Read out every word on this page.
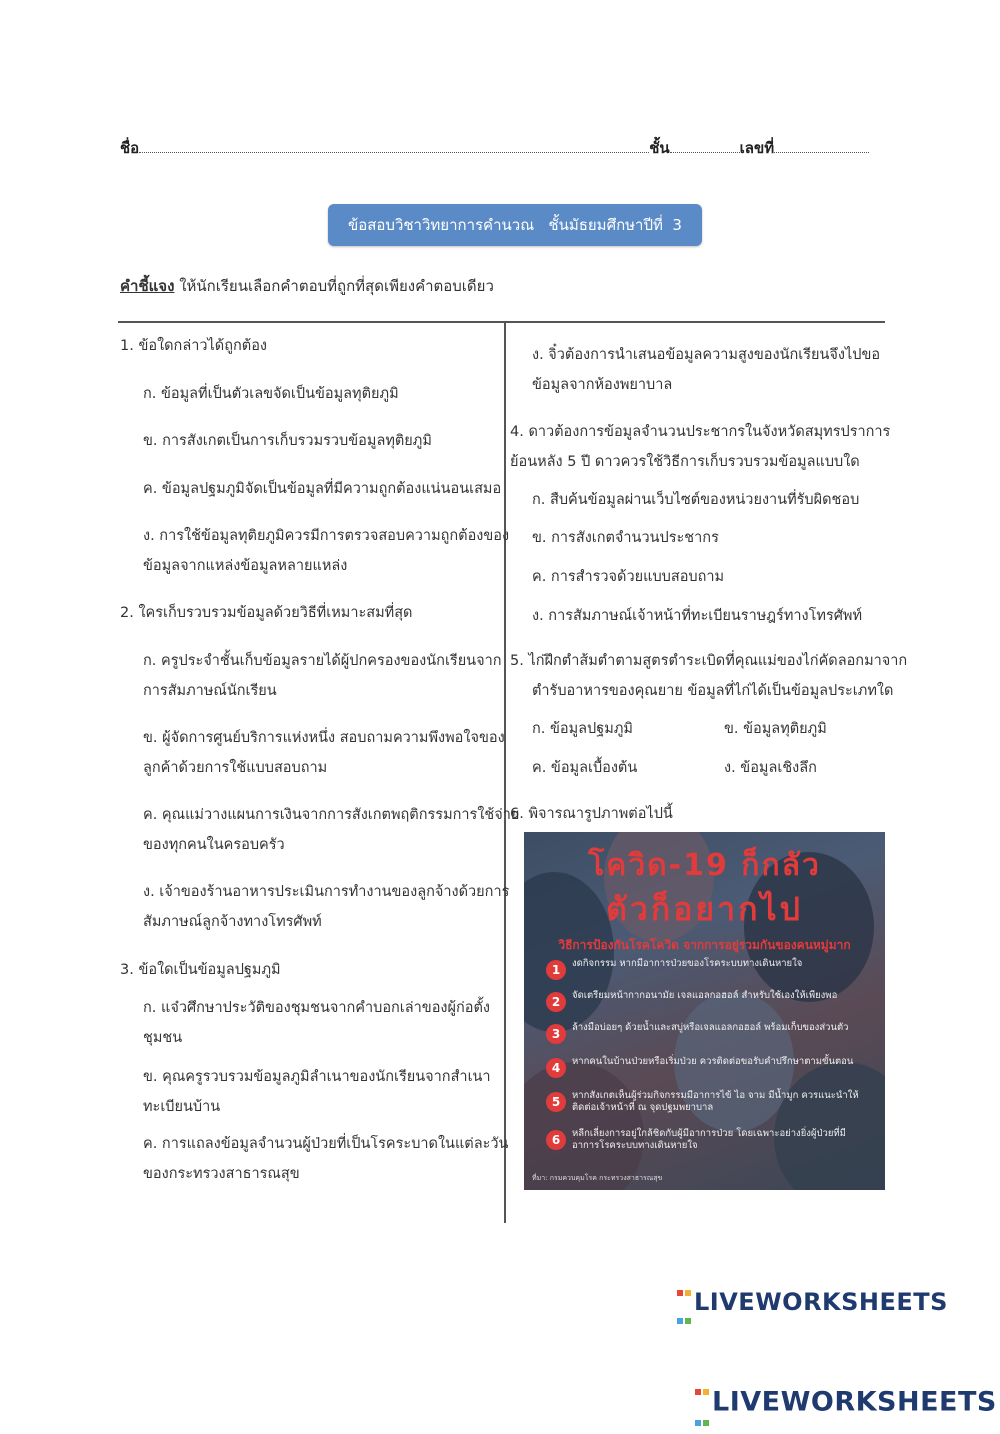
ชื่อ	ชั้น	เลขที่
ข้อสอบวิชาวิทยาการคำนวณ   ชั้นมัธยมศึกษาปีที่  3
คำชี้แจง ให้นักเรียนเลือกคำตอบที่ถูกที่สุดเพียงคำตอบเดียว
1. ข้อใดกล่าวได้ถูกต้อง
ก. ข้อมูลที่เป็นตัวเลขจัดเป็นข้อมูลทุติยภูมิ
ข. การสังเกตเป็นการเก็บรวมรวบข้อมูลทุติยภูมิ
ค. ข้อมูลปฐมภูมิจัดเป็นข้อมูลที่มีความถูกต้องแน่นอนเสมอ
ง. การใช้ข้อมูลทุติยภูมิควรมีการตรวจสอบความถูกต้องของ
ข้อมูลจากแหล่งข้อมูลหลายแหล่ง
2. ใครเก็บรวบรวมข้อมูลด้วยวิธีที่เหมาะสมที่สุด
ก. ครูประจำชั้นเก็บข้อมูลรายได้ผู้ปกครองของนักเรียนจาก
การสัมภาษณ์นักเรียน
ข. ผู้จัดการศูนย์บริการแห่งหนึ่ง สอบถามความพึงพอใจของ
ลูกค้าด้วยการใช้แบบสอบถาม
ค. คุณแม่วางแผนการเงินจากการสังเกตพฤติกรรมการใช้จ่าย
ของทุกคนในครอบครัว
ง. เจ้าของร้านอาหารประเมินการทำงานของลูกจ้างด้วยการ
สัมภาษณ์ลูกจ้างทางโทรศัพท์
3. ข้อใดเป็นข้อมูลปฐมภูมิ
ก. แจ๋วศึกษาประวัติของชุมชนจากคำบอกเล่าของผู้ก่อตั้ง
ชุมชน
ข. คุณครูรวบรวมข้อมูลภูมิลำเนาของนักเรียนจากสำเนา
ทะเบียนบ้าน
ค. การแถลงข้อมูลจำนวนผู้ป่วยที่เป็นโรคระบาดในแต่ละวัน
ของกระทรวงสาธารณสุข
ง. จิ๋วต้องการนำเสนอข้อมูลความสูงของนักเรียนจึงไปขอ
ข้อมูลจากห้องพยาบาล
4. ดาวต้องการข้อมูลจำนวนประชากรในจังหวัดสมุทรปราการ
ย้อนหลัง 5 ปี ดาวควรใช้วิธีการเก็บรวบรวมข้อมูลแบบใด
ก. สืบค้นข้อมูลผ่านเว็บไซต์ของหน่วยงานที่รับผิดชอบ
ข. การสังเกตจำนวนประชากร
ค. การสำรวจด้วยแบบสอบถาม
ง. การสัมภาษณ์เจ้าหน้าที่ทะเบียนราษฎร์ทางโทรศัพท์
5. ไก่ฝึกตำส้มตำตามสูตรตำระเบิดที่คุณแม่ของไก่คัดลอกมาจาก
ตำรับอาหารของคุณยาย ข้อมูลที่ไก่ได้เป็นข้อมูลประเภทใด
ก. ข้อมูลปฐมภูมิ	ข. ข้อมูลทุติยภูมิ
ค. ข้อมูลเบื้องต้น	ง. ข้อมูลเชิงลึก
6. พิจารณารูปภาพต่อไปนี้
โควิด-19 ก็กลัว
ตัวก็อยากไป
วิธีการป้องกันโรคโควิด จากการอยู่รวมกันของคนหมู่มาก
1	งดกิจกรรม หากมีอาการป่วยของโรคระบบทางเดินหายใจ
2	จัดเตรียมหน้ากากอนามัย เจลแอลกอฮอล์ สำหรับใช้เองให้เพียงพอ
3	ล้างมือบ่อยๆ ด้วยน้ำและสบู่หรือเจลแอลกอฮอล์ พร้อมเก็บของส่วนตัว
4	หากคนในบ้านป่วยหรือเริ่มป่วย ควรติดต่อขอรับคำปรึกษาตามขั้นตอน
5	หากสังเกตเห็นผู้ร่วมกิจกรรมมีอาการไข้ ไอ จาม มีน้ำมูก ควรแนะนำให้ติดต่อเจ้าหน้าที่ ณ จุดปฐมพยาบาล
6	หลีกเลี่ยงการอยู่ใกล้ชิดกับผู้มีอาการป่วย โดยเฉพาะอย่างยิ่งผู้ป่วยที่มีอาการโรคระบบทางเดินหายใจ
ที่มา: กรมควบคุมโรค กระทรวงสาธารณสุข

LIVEWORKSHEETS

LIVEWORKSHEETS
